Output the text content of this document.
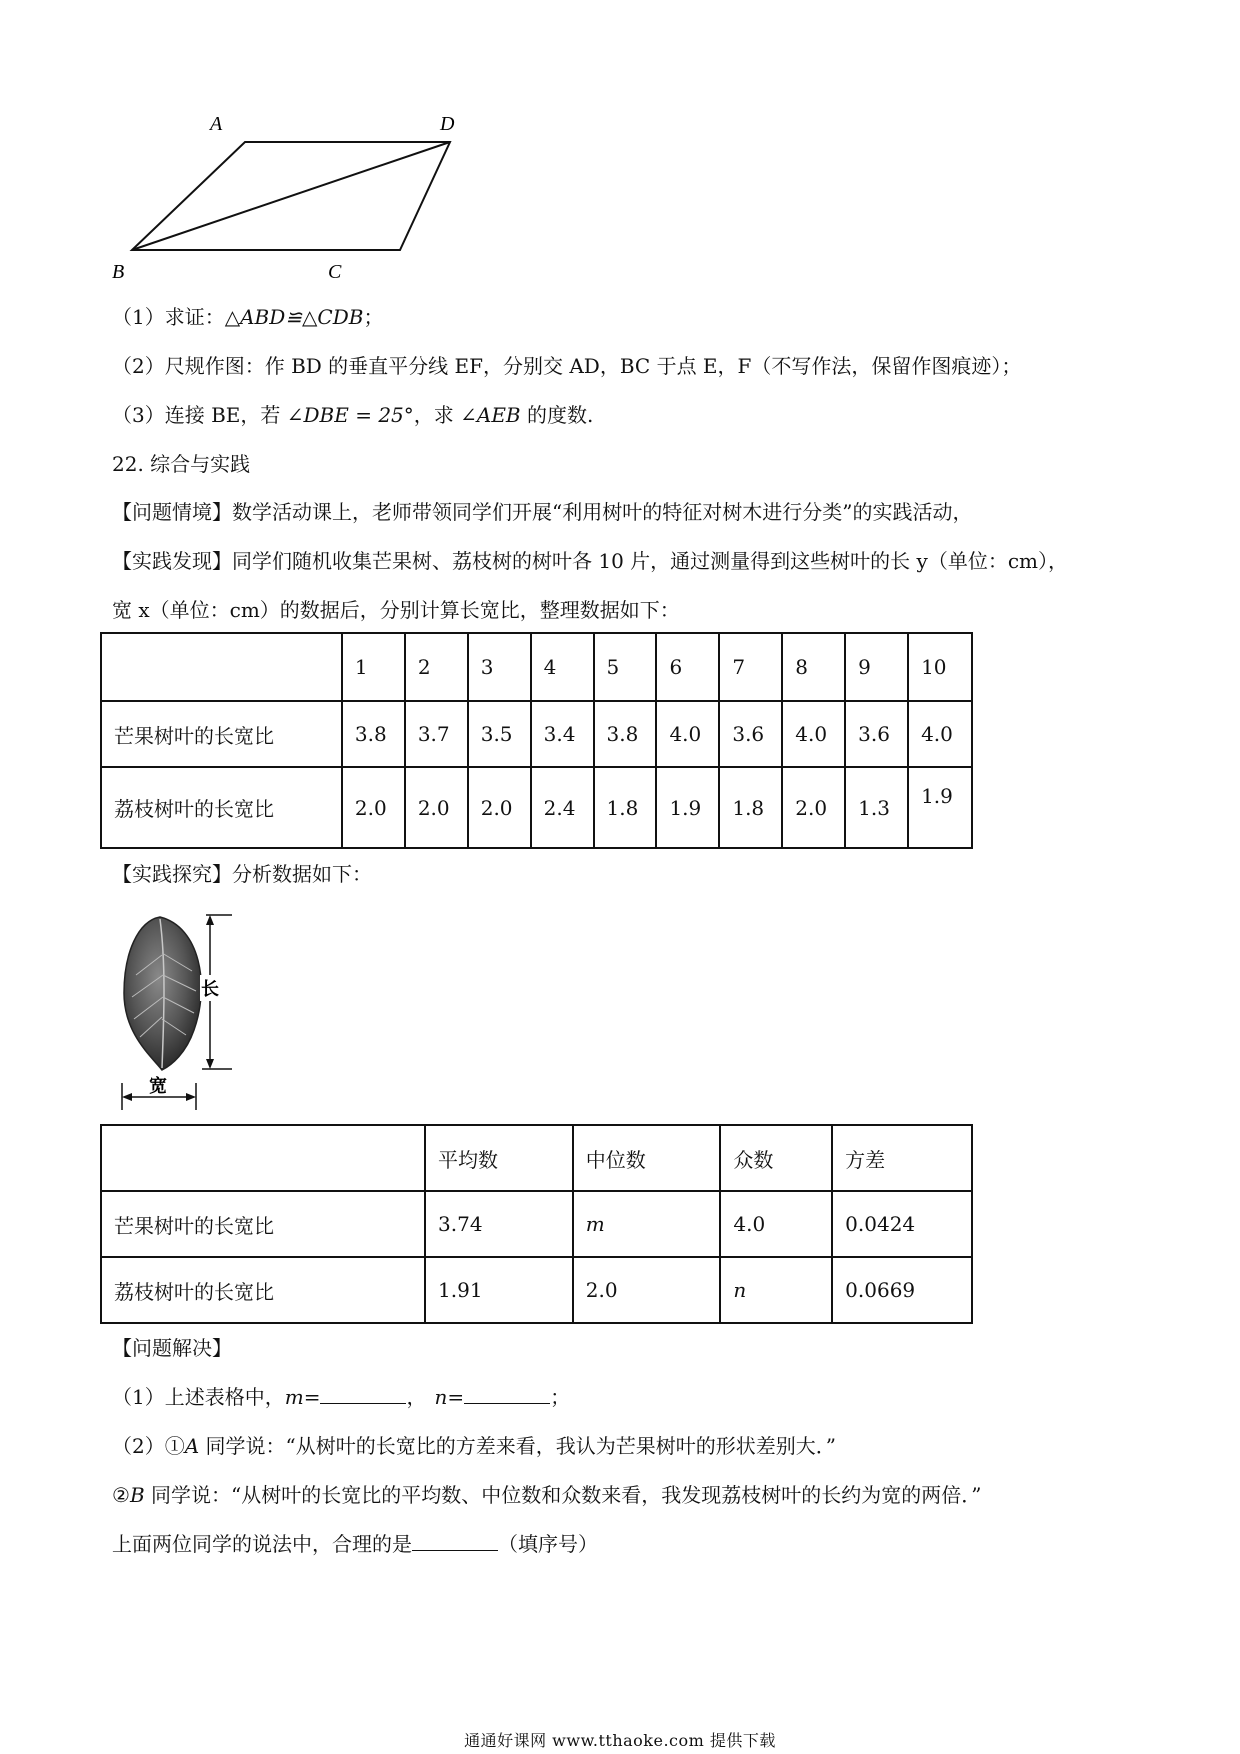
A	D
B	C
（1）求证：△ABD≌△CDB；
（2）尺规作图：作 BD 的垂直平分线 EF，分别交 AD，BC 于点 E，F（不写作法，保留作图痕迹）；
（3）连接 BE，若 ∠DBE = 25°，求 ∠AEB 的度数.
22. 综合与实践
【问题情境】数学活动课上，老师带领同学们开展“利用树叶的特征对树木进行分类”的实践活动，
【实践发现】同学们随机收集芒果树、荔枝树的树叶各 10 片，通过测量得到这些树叶的长 y（单位：cm），
宽 x（单位：cm）的数据后，分别计算长宽比，整理数据如下：
	1	2	3	4	5	6	7	8	9	10
芒果树叶的长宽比	3.8	3.7	3.5	3.4	3.8	4.0	3.6	4.0	3.6	4.0
荔枝树叶的长宽比	2.0	2.0	2.0	2.4	1.8	1.9	1.8	2.0	1.3	1.9
【实践探究】分析数据如下：
长
宽
	平均数	中位数	众数	方差
芒果树叶的长宽比	3.74	m	4.0	0.0424
荔枝树叶的长宽比	1.91	2.0	n	0.0669
【问题解决】
（1）上述表格中，m=	， n=	；
（2）①A 同学说：“从树叶的长宽比的方差来看，我认为芒果树叶的形状差别大．”
②B 同学说：“从树叶的长宽比的平均数、中位数和众数来看，我发现荔枝树叶的长约为宽的两倍．”
上面两位同学的说法中，合理的是	（填序号）
通通好课网 www.tthaoke.com 提供下载
